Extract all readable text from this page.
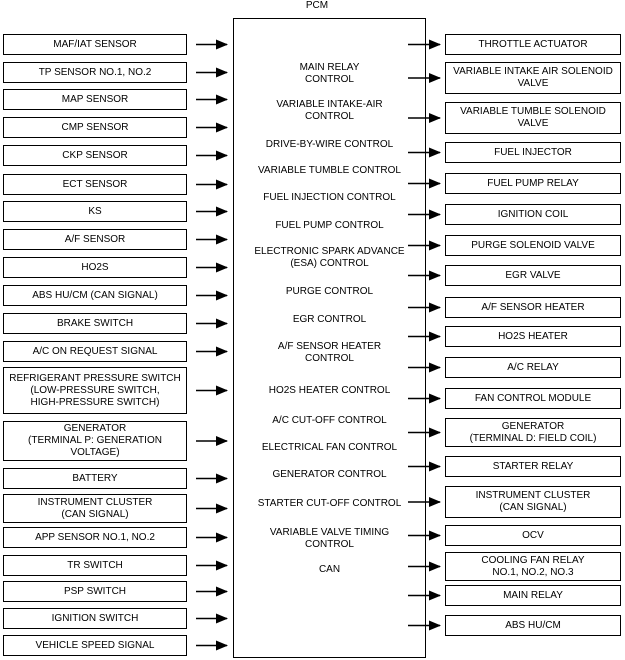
PCM
MAF/IAT SENSOR
TP SENSOR NO.1, NO.2
MAP SENSOR
CMP SENSOR
CKP SENSOR
ECT SENSOR
KS
A/F SENSOR
HO2S
ABS HU/CM (CAN SIGNAL)
BRAKE SWITCH
A/C ON REQUEST SIGNAL
REFRIGERANT PRESSURE SWITCH
(LOW-PRESSURE SWITCH,
HIGH-PRESSURE SWITCH)
GENERATOR
(TERMINAL P: GENERATION
VOLTAGE)
BATTERY
INSTRUMENT CLUSTER
(CAN SIGNAL)
APP SENSOR NO.1, NO.2
TR SWITCH
PSP SWITCH
IGNITION SWITCH
VEHICLE SPEED SIGNAL
MAIN RELAY
CONTROL
VARIABLE INTAKE-AIR
CONTROL
DRIVE-BY-WIRE CONTROL
VARIABLE TUMBLE CONTROL
FUEL INJECTION CONTROL
FUEL PUMP CONTROL
ELECTRONIC SPARK ADVANCE
(ESA) CONTROL
PURGE CONTROL
EGR CONTROL
A/F SENSOR HEATER
CONTROL
HO2S HEATER CONTROL
A/C CUT-OFF CONTROL
ELECTRICAL FAN CONTROL
GENERATOR CONTROL
STARTER CUT-OFF CONTROL
VARIABLE VALVE TIMING
CONTROL
CAN
THROTTLE ACTUATOR
VARIABLE INTAKE AIR SOLENOID
VALVE
VARIABLE TUMBLE SOLENOID
VALVE
FUEL INJECTOR
FUEL PUMP RELAY
IGNITION COIL
PURGE SOLENOID VALVE
EGR VALVE
A/F SENSOR HEATER
HO2S HEATER
A/C RELAY
FAN CONTROL MODULE
GENERATOR
(TERMINAL D: FIELD COIL)
STARTER RELAY
INSTRUMENT CLUSTER
(CAN SIGNAL)
OCV
COOLING FAN RELAY
NO.1, NO.2, NO.3
MAIN RELAY
ABS HU/CM
